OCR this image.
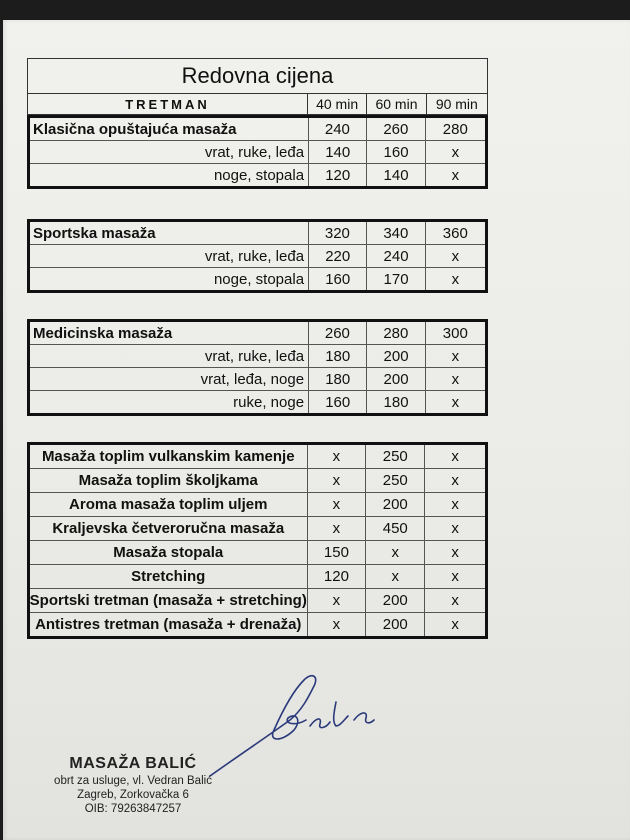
Redovna cijena
TRETMAN	40 min	60 min	90 min
Klasična opuštajuća masaža	240	260	280
vrat, ruke, leđa	140	160	x
noge, stopala	120	140	x
Sportska masaža	320	340	360
vrat, ruke, leđa	220	240	x
noge, stopala	160	170	x
Medicinska masaža	260	280	300
vrat, ruke, leđa	180	200	x
vrat, leđa, noge	180	200	x
ruke, noge	160	180	x
Masaža toplim vulkanskim kamenje	x	250	x
Masaža toplim školjkama	x	250	x
Aroma masaža toplim uljem	x	200	x
Kraljevska četveroručna masaža	x	450	x
Masaža stopala	150	x	x
Stretching	120	x	x
Sportski tretman (masaža + stretching)	x	200	x
Antistres tretman (masaža + drenaža)	x	200	x
MASAŽA BALIĆ
obrt za usluge, vl. Vedran Balić
Zagreb, Zorkovačka 6
OIB: 79263847257
